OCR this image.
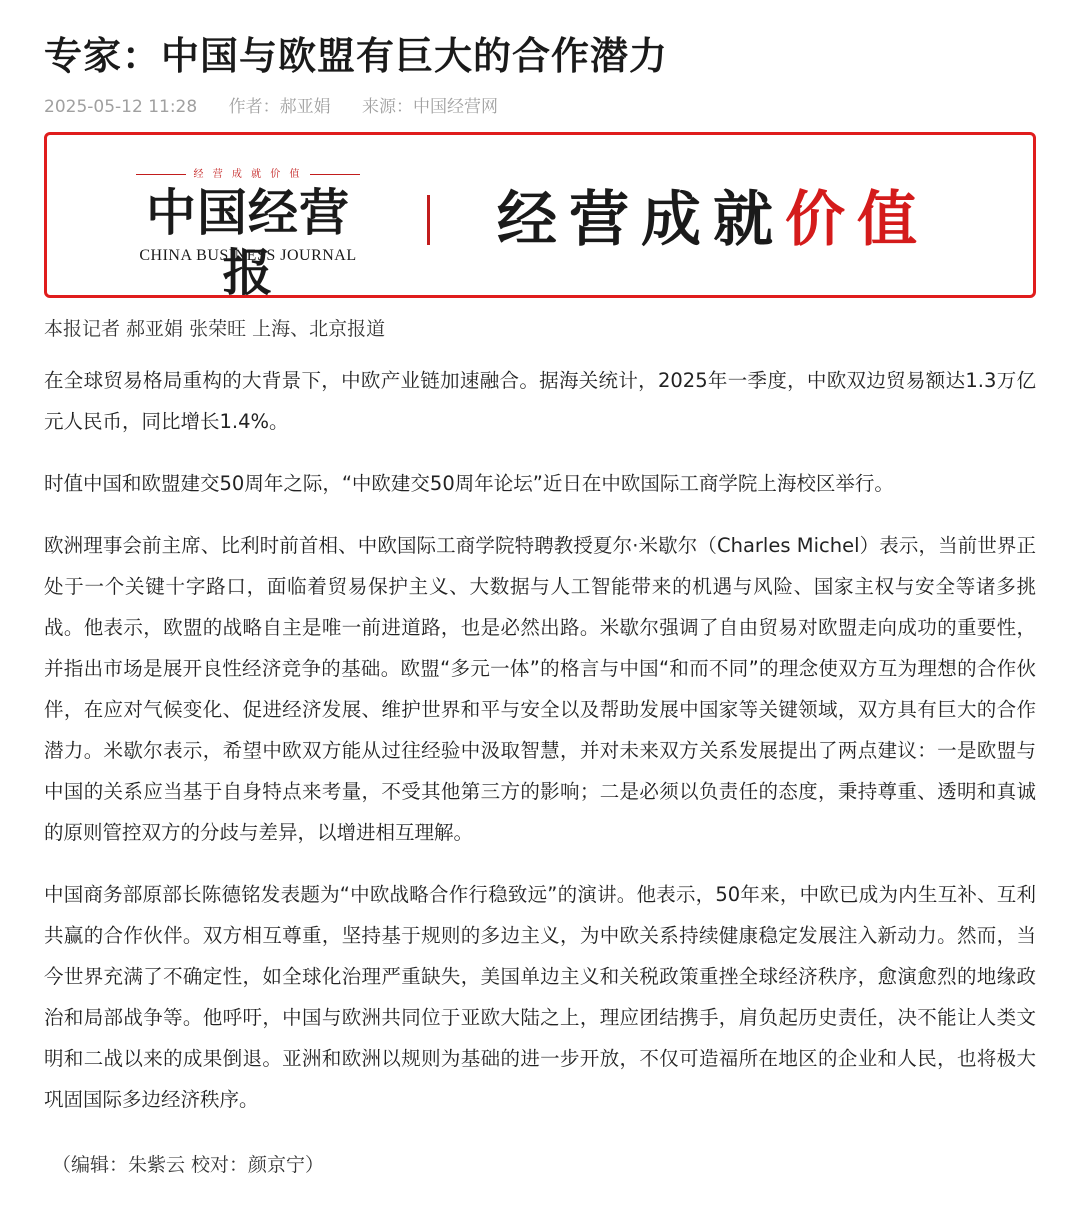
专家：中国与欧盟有巨大的合作潜力
2025-05-12 11:28 作者：郝亚娟 来源：中国经营网
经 营 成 就 价 值
中国经营报
CHINA BUSINESS JOURNAL
经营成就价值
本报记者 郝亚娟 张荣旺 上海、北京报道

在全球贸易格局重构的大背景下，中欧产业链加速融合。据海关统计，2025年一季度，中欧双边贸易额达1.3万亿元人民币，同比增长1.4%。

时值中国和欧盟建交50周年之际，“中欧建交50周年论坛”近日在中欧国际工商学院上海校区举行。

欧洲理事会前主席、比利时前首相、中欧国际工商学院特聘教授夏尔·米歇尔（Charles Michel）表示，当前世界正处于一个关键十字路口，面临着贸易保护主义、大数据与人工智能带来的机遇与风险、国家主权与安全等诸多挑战。他表示，欧盟的战略自主是唯一前进道路，也是必然出路。米歇尔强调了自由贸易对欧盟走向成功的重要性，并指出市场是展开良性经济竞争的基础。欧盟“多元一体”的格言与中国“和而不同”的理念使双方互为理想的合作伙伴，在应对气候变化、促进经济发展、维护世界和平与安全以及帮助发展中国家等关键领域，双方具有巨大的合作潜力。米歇尔表示，希望中欧双方能从过往经验中汲取智慧，并对未来双方关系发展提出了两点建议：一是欧盟与中国的关系应当基于自身特点来考量，不受其他第三方的影响；二是必须以负责任的态度，秉持尊重、透明和真诚的原则管控双方的分歧与差异，以增进相互理解。

中国商务部原部长陈德铭发表题为“中欧战略合作行稳致远”的演讲。他表示，50年来，中欧已成为内生互补、互利共赢的合作伙伴。双方相互尊重，坚持基于规则的多边主义，为中欧关系持续健康稳定发展注入新动力。然而，当今世界充满了不确定性，如全球化治理严重缺失，美国单边主义和关税政策重挫全球经济秩序，愈演愈烈的地缘政治和局部战争等。他呼吁，中国与欧洲共同位于亚欧大陆之上，理应团结携手，肩负起历史责任，决不能让人类文明和二战以来的成果倒退。亚洲和欧洲以规则为基础的进一步开放，不仅可造福所在地区的企业和人民，也将极大巩固国际多边经济秩序。

（编辑：朱紫云 校对：颜京宁）
